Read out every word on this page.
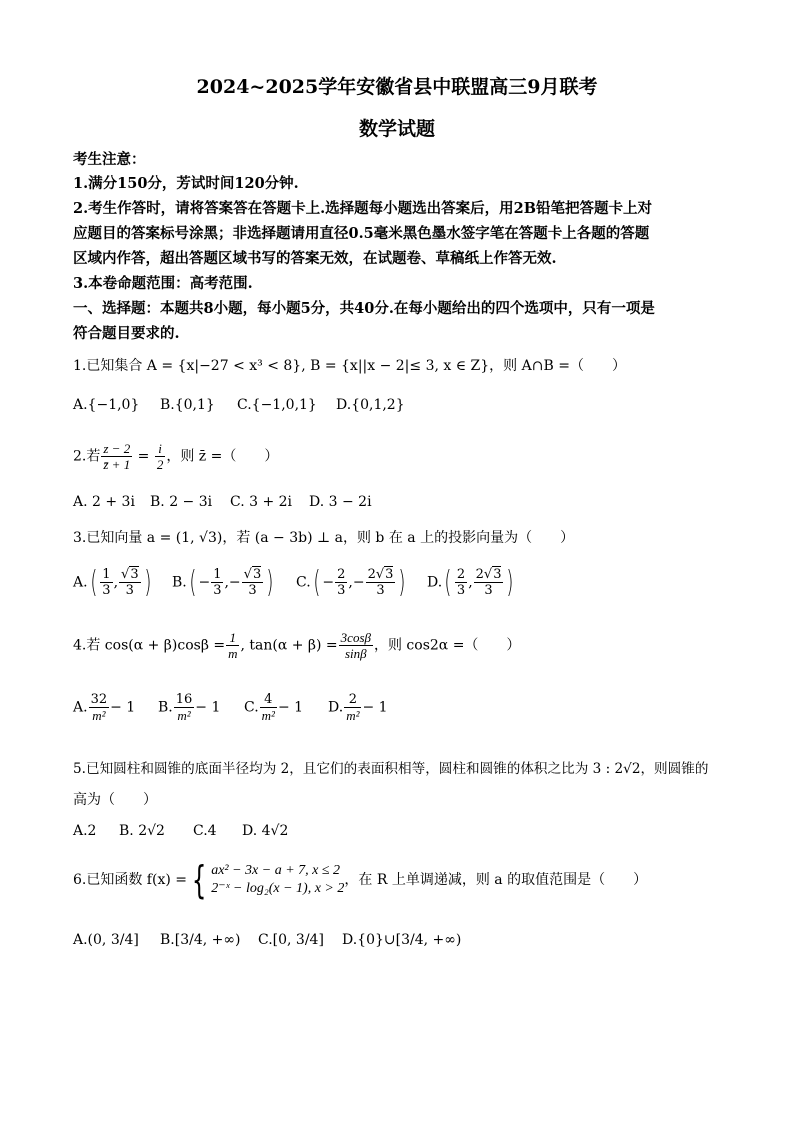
2024~2025学年安徽省县中联盟高三9月联考
数学试题
考生注意：
1.满分150分，芳试时间120分钟.
2.考生作答时，请将答案答在答题卡上.选择题每小题选出答案后，用2B铅笔把答题卡上对
应题目的答案标号涂黑；非选择题请用直径0.5毫米黑色墨水签字笔在答题卡上各题的答题
区域内作答，超出答题区域书写的答案无效，在试题卷、草稿纸上作答无效.
3.本卷命题范围：高考范围.
一、选择题：本题共8小题，每小题5分，共40分.在每小题给出的四个选项中，只有一项是
符合题目要求的.
1.已知集合 A = {x|−27 < x³ < 8}, B = {x||x − 2|≤ 3, x ∈ Z}，则 A∩B =（　　）
A.{−1,0} B.{0,1} C.{−1,0,1} D.{0,1,2}
2.若 $\frac{z - 2}{z̄ + 1} = \frac{i}{2}$ ，则 z̄ =（　　）
A. 2 + 3i B. 2 − 3i C. 3 + 2i D. 3 − 2i
3.已知向量 a = (1, √3)，若 (a − 3b) ⊥ a，则 b 在 a 上的投影向量为（　　）
$A.( \frac{1}{3}$ , $\frac{√3}{3}$ ) $B.( - \frac{1}{3}$ ,− $\frac{√3}{3}$ ) $C.( - \frac{2}{3}$ ,− $\frac{2√3}{3}$ ) $D.( \frac{2}{3}$ , $\frac{2√3}{3}$ )
4.若 $\cos(\alpha + \beta)\cos\beta = \frac{1}{m}$ , $\tan(\alpha + \beta) = \frac{3\cos\beta}{\sin\beta}$ ，则 cos2α =（　　）
A. $\frac{32}{\text{m²}} - 1$ B. $\frac{16}{\text{m²}} - 1$ C. $\frac{4}{\text{m²}} - 1$ D. $\frac{2}{\text{m²}} - 1$
5.已知圆柱和圆锥的底面半径均为 2，且它们的表面积相等，圆柱和圆锥的体积之比为 3 : 2√2，则圆锥的
高为（　　）
A.2 B. 2√2 C.4 D. 4√2
6.已知函数 f(x) = { ax² − 3x − a + 7, x ≤ 2
2⁻ˣ − log₂(x − 1), x > 2
，在 R 上单调递减，则 a 的取值范围是（　　）
A.(0, 3/4] B.[3/4, +∞) C.[0, 3/4] D.{0}∪[3/4, +∞)
